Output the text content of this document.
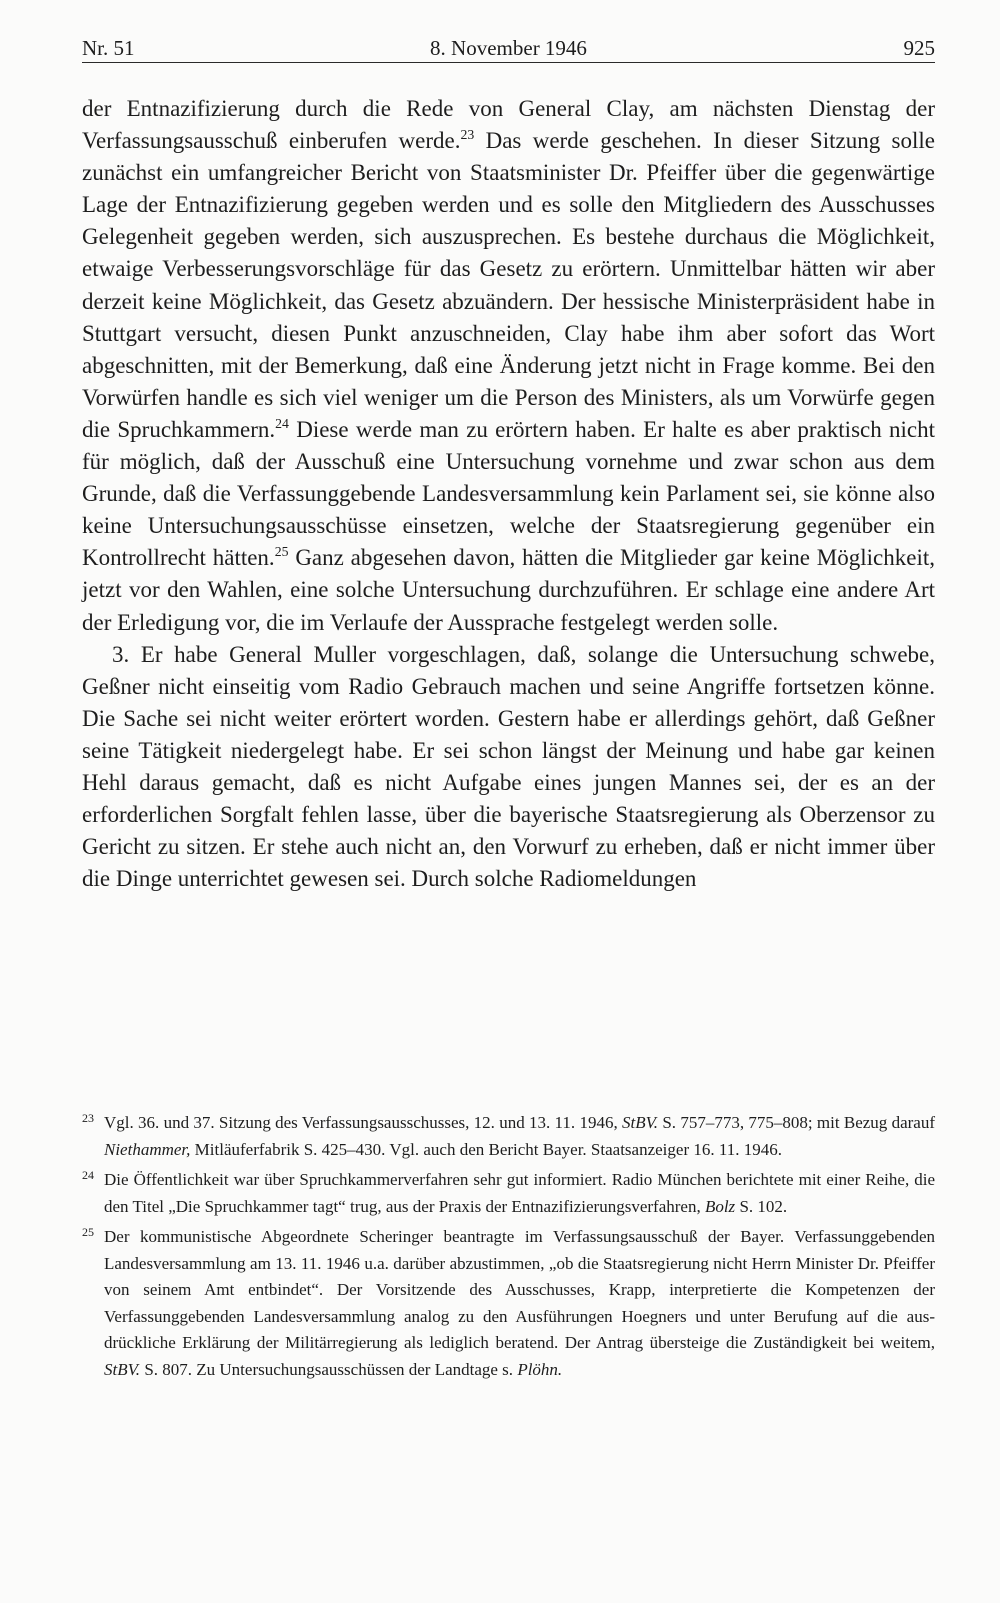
Nr. 51	8. November 1946	925

der Entnazifizierung durch die Rede von General Clay, am nächsten Dienstag der Verfassungsausschuß einberufen werde.$^{23}$ Das werde geschehen. In dieser Sitzung solle zunächst ein umfangreicher Bericht von Staatsminister Dr. Pfeiffer über die gegenwärtige Lage der Entnazifizierung gegeben werden und es solle den Mitgliedern des Ausschusses Gelegenheit gegeben werden, sich auszusprechen. Es bestehe durchaus die Möglichkeit, etwaige Verbesserungsvorschläge für das Gesetz zu erörtern. Unmittelbar hätten wir aber derzeit keine Möglichkeit, das Gesetz abzuändern. Der hessische Ministerpräsident habe in Stuttgart versucht, diesen Punkt anzuschneiden, Clay habe ihm aber sofort das Wort abgeschnitten, mit der Bemerkung, daß eine Änderung jetzt nicht in Frage komme. Bei den Vorwürfen handle es sich viel weniger um die Person des Ministers, als um Vorwürfe gegen die Spruchkammern.$^{24}$ Diese werde man zu erörtern haben. Er halte es aber praktisch nicht für möglich, daß der Ausschuß eine Untersuchung vornehme und zwar schon aus dem Grunde, daß die Verfassunggebende Landesversammlung kein Parlament sei, sie könne also keine Untersuchungsausschüsse einsetzen, welche der Staatsregierung gegenüber ein Kontrollrecht hätten.$^{25}$ Ganz abgesehen davon, hätten die Mitglieder gar keine Möglichkeit, jetzt vor den Wahlen, eine solche Untersuchung durchzuführen. Er schlage eine andere Art der Erledigung vor, die im Verlaufe der Aussprache festgelegt werden solle.

3. Er habe General Muller vorgeschlagen, daß, solange die Untersuchung schwebe, Geßner nicht einseitig vom Radio Gebrauch machen und seine Angriffe fortsetzen könne. Die Sache sei nicht weiter erörtert worden. Gestern habe er allerdings gehört, daß Geßner seine Tätigkeit niedergelegt habe. Er sei schon längst der Meinung und habe gar keinen Hehl daraus gemacht, daß es nicht Aufgabe eines jungen Mannes sei, der es an der erforderlichen Sorgfalt fehlen lasse, über die bayerische Staatsregierung als Oberzensor zu Gericht zu sitzen. Er stehe auch nicht an, den Vorwurf zu erheben, daß er nicht immer über die Dinge unterrichtet gewesen sei. Durch solche Radiomeldungen

23 Vgl. 36. und 37. Sitzung des Verfassungsausschusses, 12. und 13. 11. 1946, StBV. S. 757–773, 775–808; mit Bezug darauf Niethammer, Mitläuferfabrik S. 425–430. Vgl. auch den Bericht Bayer. Staatsanzeiger 16. 11. 1946.
24 Die Öffentlichkeit war über Spruchkammerverfahren sehr gut informiert. Radio München berichtete mit einer Reihe, die den Titel „Die Spruchkammer tagt“ trug, aus der Praxis der Entnazifizierungsverfahren, Bolz S. 102.
25 Der kommunistische Abgeordnete Scheringer beantragte im Verfassungsausschuß der Bayer. Verfassunggebenden Landesversammlung am 13. 11. 1946 u.a. darüber abzustimmen, „ob die Staatsregierung nicht Herrn Minister Dr. Pfeiffer von seinem Amt entbindet“. Der Vorsitzende des Ausschusses, Krapp, interpretierte die Kompetenzen der Verfassunggebenden Landesversammlung analog zu den Ausführungen Hoegners und unter Berufung auf die ausdrückliche Erklärung der Militärregierung als lediglich beratend. Der Antrag übersteige die Zuständigkeit bei weitem, StBV. S. 807. Zu Untersuchungsausschüssen der Landtage s. Plöhn.
